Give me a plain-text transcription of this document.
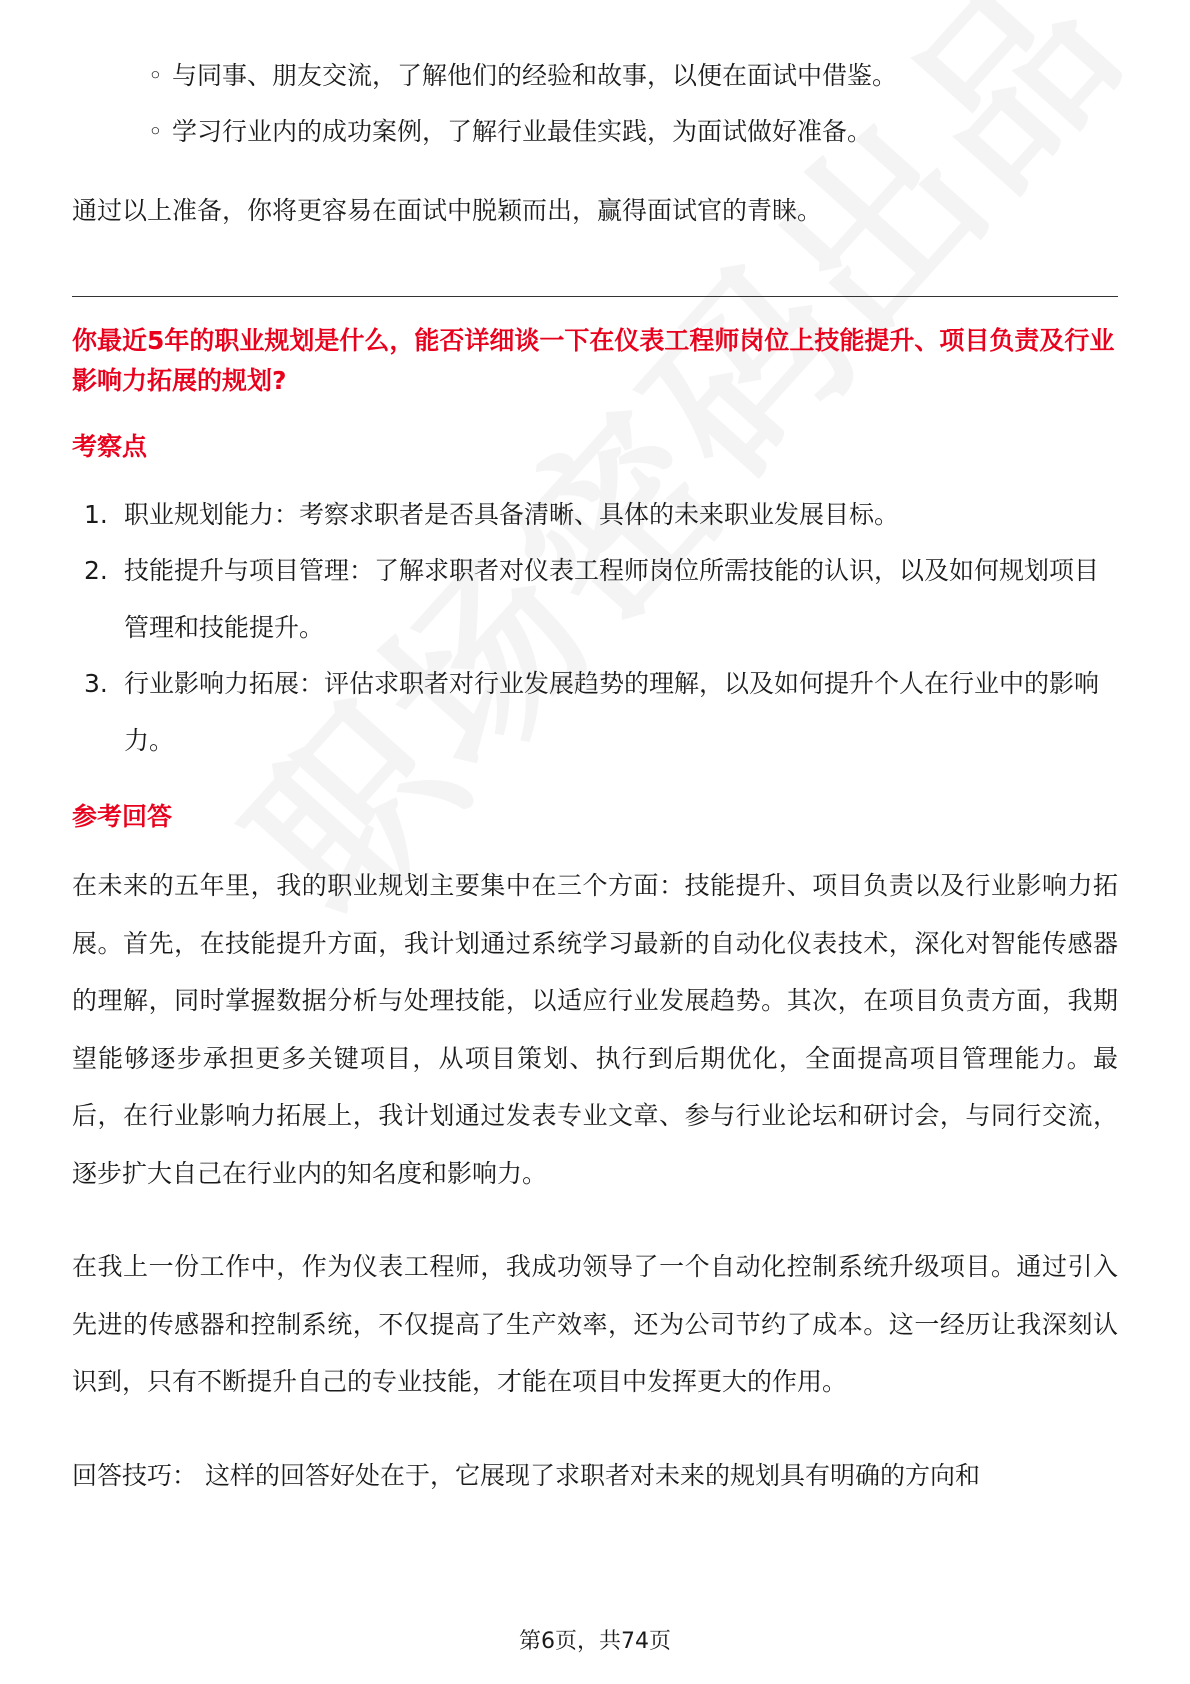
◦ 与同事、朋友交流，了解他们的经验和故事，以便在面试中借鉴。
◦ 学习行业内的成功案例，了解行业最佳实践，为面试做好准备。

通过以上准备，你将更容易在面试中脱颖而出，赢得面试官的青睐。

你最近5年的职业规划是什么，能否详细谈一下在仪表工程师岗位上技能提升、项目负责及行业影响力拓展的规划?

考察点
1. 职业规划能力：考察求职者是否具备清晰、具体的未来职业发展目标。
2. 技能提升与项目管理：了解求职者对仪表工程师岗位所需技能的认识，以及如何规划项目管理和技能提升。
3. 行业影响力拓展：评估求职者对行业发展趋势的理解，以及如何提升个人在行业中的影响力。
参考回答

在未来的五年里，我的职业规划主要集中在三个方面：技能提升、项目负责以及行业影响力拓展。首先，在技能提升方面，我计划通过系统学习最新的自动化仪表技术，深化对智能传感器的理解，同时掌握数据分析与处理技能，以适应行业发展趋势。其次，在项目负责方面，我期望能够逐步承担更多关键项目，从项目策划、执行到后期优化，全面提高项目管理能力。最后，在行业影响力拓展上，我计划通过发表专业文章、参与行业论坛和研讨会，与同行交流，逐步扩大自己在行业内的知名度和影响力。

在我上一份工作中，作为仪表工程师，我成功领导了一个自动化控制系统升级项目。通过引入先进的传感器和控制系统，不仅提高了生产效率，还为公司节约了成本。这一经历让我深刻认识到，只有不断提升自己的专业技能，才能在项目中发挥更大的作用。

回答技巧： 这样的回答好处在于，它展现了求职者对未来的规划具有明确的方向和

第6页，共74页
